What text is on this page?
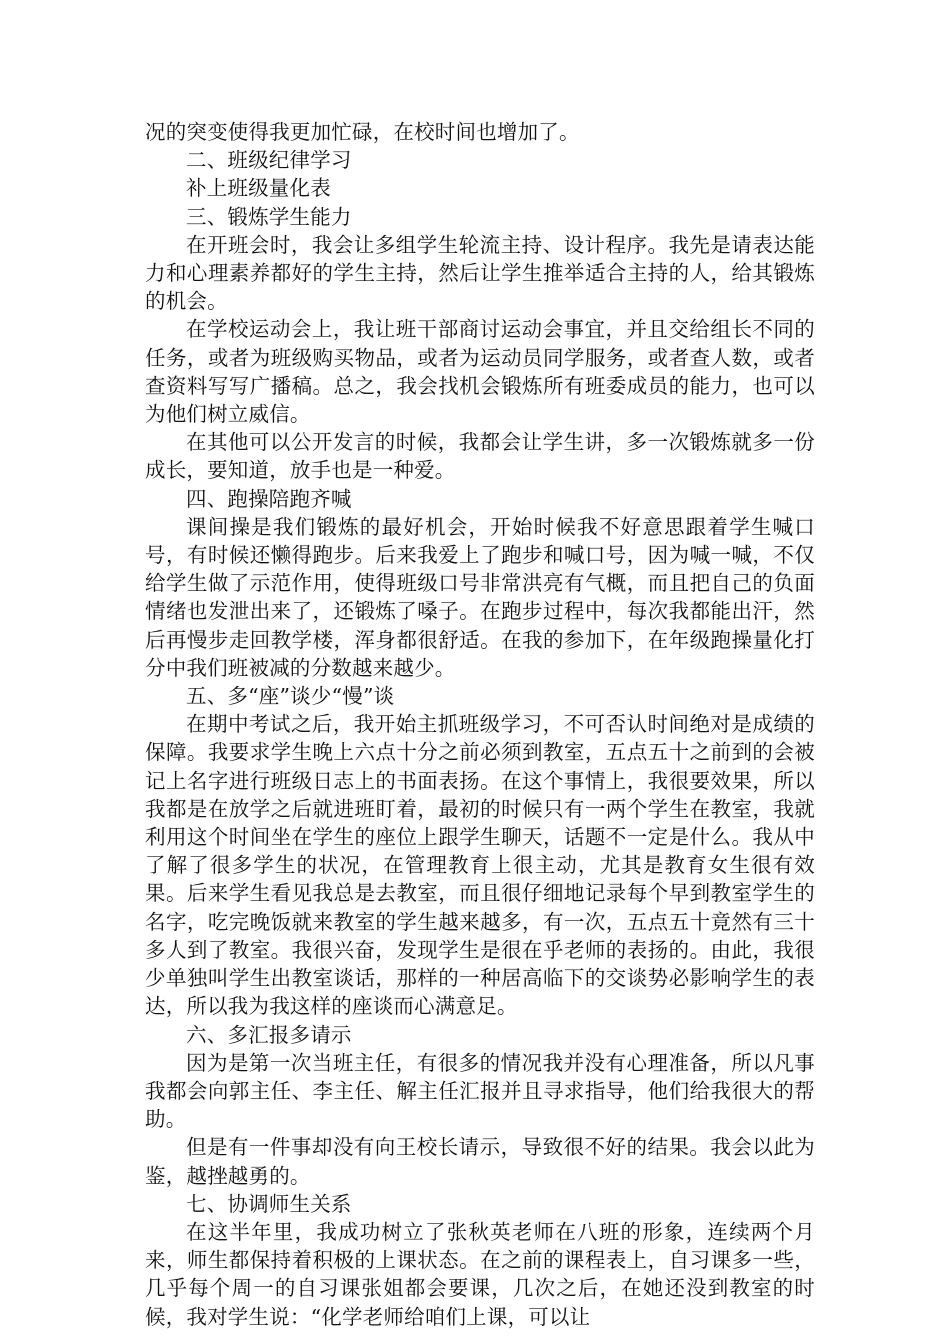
况的突变使得我更加忙碌，在校时间也增加了。

二、班级纪律学习

补上班级量化表

三、锻炼学生能力

在开班会时，我会让多组学生轮流主持、设计程序。我先是请表达能力和心理素养都好的学生主持，然后让学生推举适合主持的人，给其锻炼的机会。

在学校运动会上，我让班干部商讨运动会事宜，并且交给组长不同的任务，或者为班级购买物品，或者为运动员同学服务，或者查人数，或者查资料写写广播稿。总之，我会找机会锻炼所有班委成员的能力，也可以为他们树立威信。

在其他可以公开发言的时候，我都会让学生讲，多一次锻炼就多一份成长，要知道，放手也是一种爱。

四、跑操陪跑齐喊

课间操是我们锻炼的最好机会，开始时候我不好意思跟着学生喊口号，有时候还懒得跑步。后来我爱上了跑步和喊口号，因为喊一喊，不仅给学生做了示范作用，使得班级口号非常洪亮有气概，而且把自己的负面情绪也发泄出来了，还锻炼了嗓子。在跑步过程中，每次我都能出汗，然后再慢步走回教学楼，浑身都很舒适。在我的参加下，在年级跑操量化打分中我们班被减的分数越来越少。

五、多“座”谈少“慢”谈

在期中考试之后，我开始主抓班级学习，不可否认时间绝对是成绩的保障。我要求学生晚上六点十分之前必须到教室，五点五十之前到的会被记上名字进行班级日志上的书面表扬。在这个事情上，我很要效果，所以我都是在放学之后就进班盯着，最初的时候只有一两个学生在教室，我就利用这个时间坐在学生的座位上跟学生聊天，话题不一定是什么。我从中了解了很多学生的状况，在管理教育上很主动，尤其是教育女生很有效果。后来学生看见我总是去教室，而且很仔细地记录每个早到教室学生的名字，吃完晚饭就来教室的学生越来越多，有一次，五点五十竟然有三十多人到了教室。我很兴奋，发现学生是很在乎老师的表扬的。由此，我很少单独叫学生出教室谈话，那样的一种居高临下的交谈势必影响学生的表达，所以我为我这样的座谈而心满意足。

六、多汇报多请示

因为是第一次当班主任，有很多的情况我并没有心理准备，所以凡事我都会向郭主任、李主任、解主任汇报并且寻求指导，他们给我很大的帮助。

但是有一件事却没有向王校长请示，导致很不好的结果。我会以此为鉴，越挫越勇的。

七、协调师生关系

在这半年里，我成功树立了张秋英老师在八班的形象，连续两个月来，师生都保持着积极的上课状态。在之前的课程表上，自习课多一些，几乎每个周一的自习课张姐都会要课，几次之后，在她还没到教室的时候，我对学生说：“化学老师给咱们上课，可以让
